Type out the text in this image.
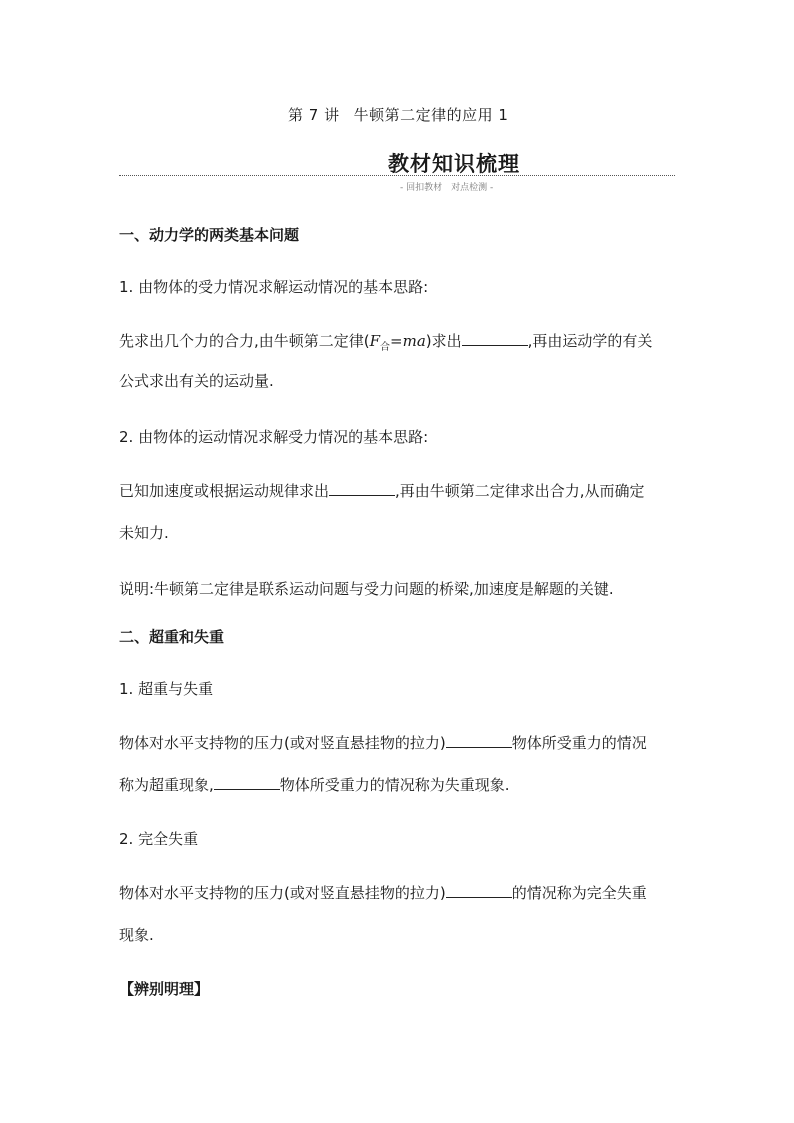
第 7 讲 牛顿第二定律的应用 1
教材知识梳理
- 回扣教材　对点检测 -
一、动力学的两类基本问题
1. 由物体的受力情况求解运动情况的基本思路:
先求出几个力的合力,由牛顿第二定律$(F_合=ma)$求出	,再由运动学的有关
公式求出有关的运动量.
2. 由物体的运动情况求解受力情况的基本思路:
已知加速度或根据运动规律求出	,再由牛顿第二定律求出合力,从而确定
未知力.
说明:牛顿第二定律是联系运动问题与受力问题的桥梁,加速度是解题的关键.
二、超重和失重
1. 超重与失重
物体对水平支持物的压力(或对竖直悬挂物的拉力)	物体所受重力的情况
称为超重现象,	物体所受重力的情况称为失重现象.
2. 完全失重
物体对水平支持物的压力(或对竖直悬挂物的拉力)	的情况称为完全失重
现象.
【辨别明理】
